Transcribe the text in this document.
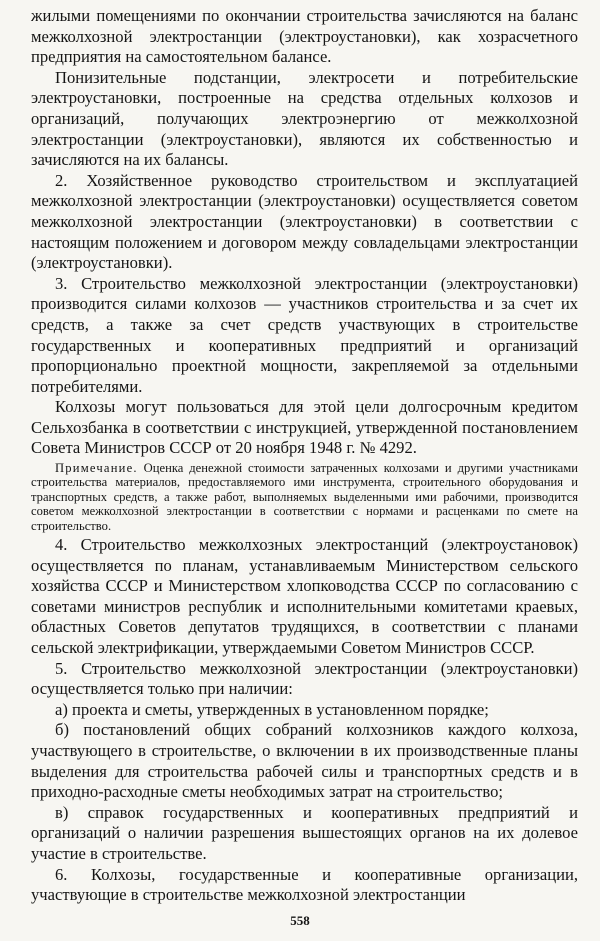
жилыми помещениями по окончании строительства зачисляются на баланс межколхозной электростанции (электроустановки), как хозрасчетного предприятия на самостоятельном балансе.

Понизительные подстанции, электросети и потребительские электроустановки, построенные на средства отдельных колхозов и организаций, получающих электроэнергию от межколхозной электростанции (электроустановки), являются их собственностью и зачисляются на их балансы.

2. Хозяйственное руководство строительством и эксплуатацией межколхозной электростанции (электроустановки) осуществляется советом межколхозной электростанции (электроустановки) в соответствии с настоящим положением и договором между совладельцами электростанции (электроустановки).

3. Строительство межколхозной электростанции (электроустановки) производится силами колхозов — участников строительства и за счет их средств, а также за счет средств участвующих в строительстве государственных и кооперативных предприятий и организаций пропорционально проектной мощности, закрепляемой за отдельными потребителями.

Колхозы могут пользоваться для этой цели долгосрочным кредитом Сельхозбанка в соответствии с инструкцией, утвержденной постановлением Совета Министров СССР от 20 ноября 1948 г. № 4292.

Примечание. Оценка денежной стоимости затраченных колхозами и другими участниками строительства материалов, предоставляемого ими инструмента, строительного оборудования и транспортных средств, а также работ, выполняемых выделенными ими рабочими, производится советом межколхозной электростанции в соответствии с нормами и расценками по смете на строительство.

4. Строительство межколхозных электростанций (электроустановок) осуществляется по планам, устанавливаемым Министерством сельского хозяйства СССР и Министерством хлопководства СССР по согласованию с советами министров республик и исполнительными комитетами краевых, областных Советов депутатов трудящихся, в соответствии с планами сельской электрификации, утверждаемыми Советом Министров СССР.

5. Строительство межколхозной электростанции (электроустановки) осуществляется только при наличии:

а) проекта и сметы, утвержденных в установленном порядке;

б) постановлений общих собраний колхозников каждого колхоза, участвующего в строительстве, о включении в их производственные планы выделения для строительства рабочей силы и транспортных средств и в приходно-расходные сметы необходимых затрат на строительство;

в) справок государственных и кооперативных предприятий и организаций о наличии разрешения вышестоящих органов на их долевое участие в строительстве.

6. Колхозы, государственные и кооперативные организации, участвующие в строительстве межколхозной электростанции

558
